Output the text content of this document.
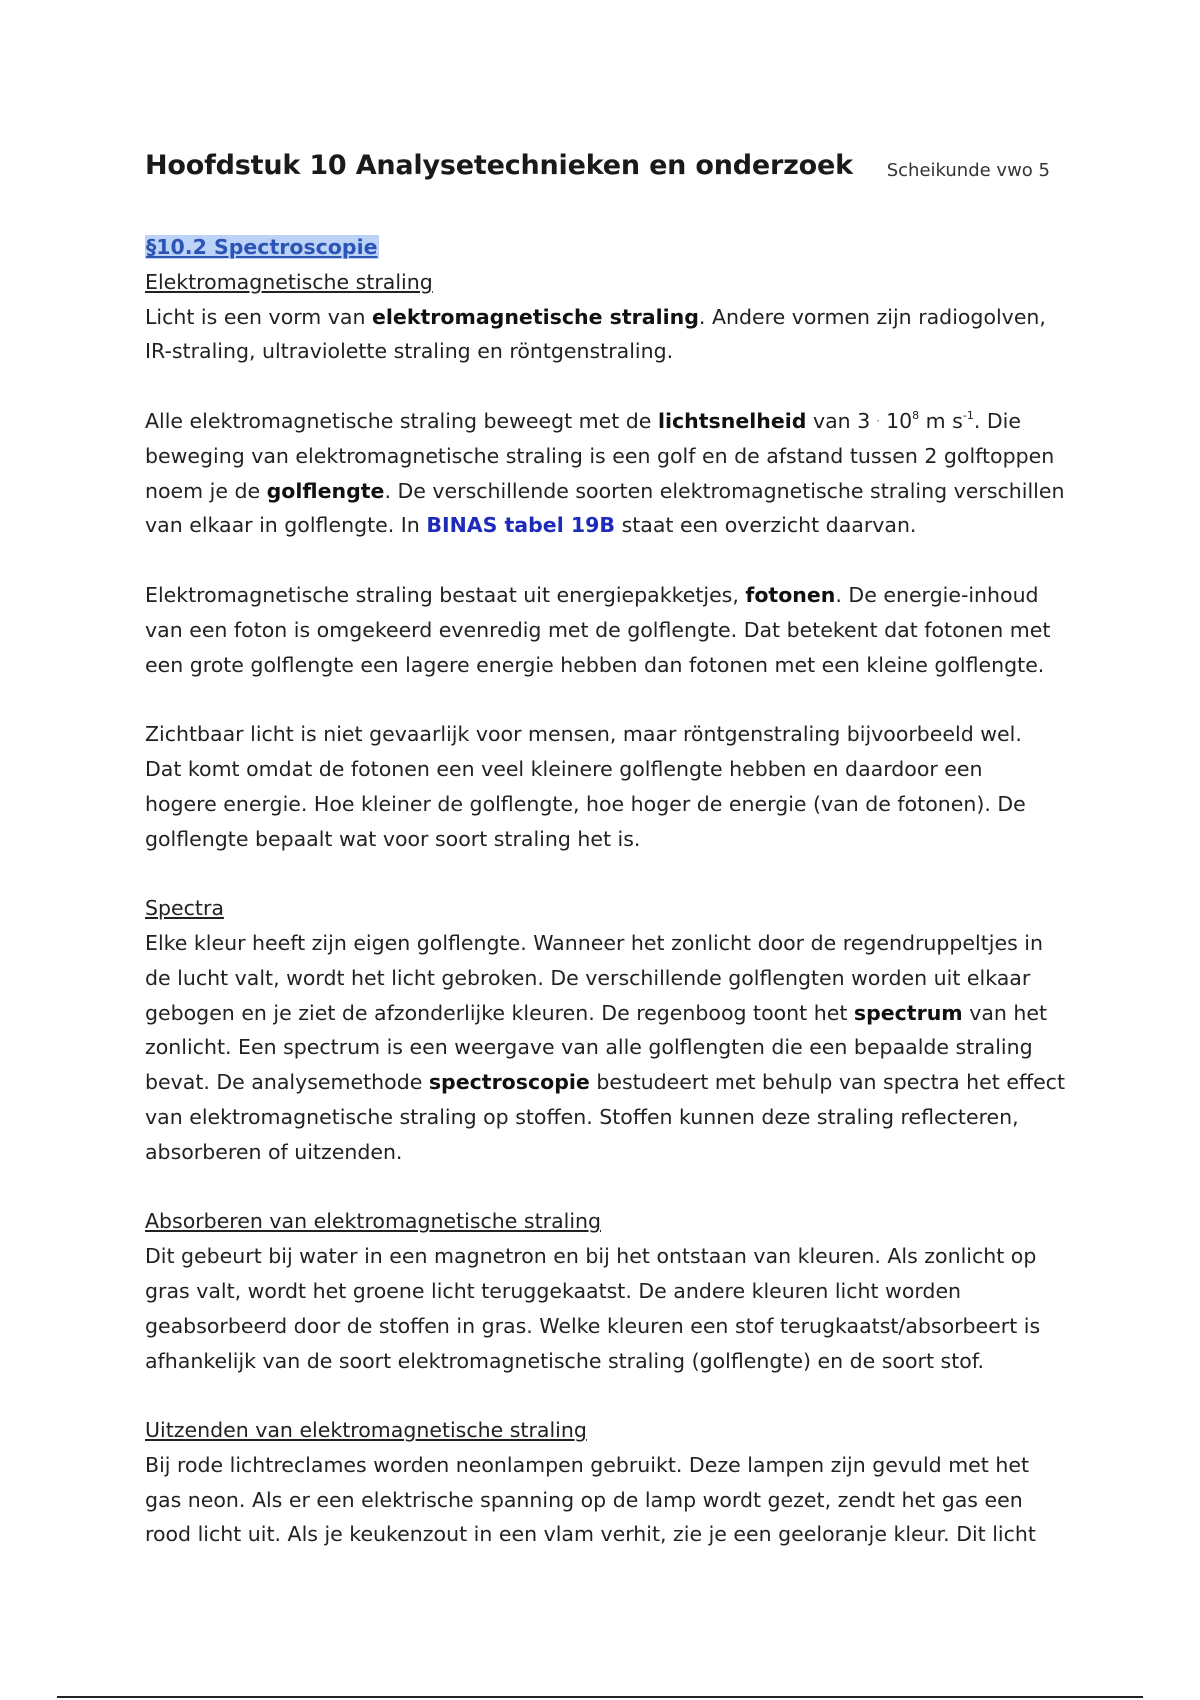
Hoofdstuk 10 Analysetechnieken en onderzoek Scheikunde vwo 5
§10.2 Spectroscopie
Elektromagnetische straling
Licht is een vorm van elektromagnetische straling. Andere vormen zijn radiogolven,
IR-straling, ultraviolette straling en röntgenstraling.
Alle elektromagnetische straling beweegt met de lichtsnelheid van $3 \cdot 10^8$ m $s^{-1}$. Die
beweging van elektromagnetische straling is een golf en de afstand tussen 2 golftoppen
noem je de golflengte. De verschillende soorten elektromagnetische straling verschillen
van elkaar in golflengte. In BINAS tabel 19B staat een overzicht daarvan.
Elektromagnetische straling bestaat uit energiepakketjes, fotonen. De energie-inhoud
van een foton is omgekeerd evenredig met de golflengte. Dat betekent dat fotonen met
een grote golflengte een lagere energie hebben dan fotonen met een kleine golflengte.
Zichtbaar licht is niet gevaarlijk voor mensen, maar röntgenstraling bijvoorbeeld wel.
Dat komt omdat de fotonen een veel kleinere golflengte hebben en daardoor een
hogere energie. Hoe kleiner de golflengte, hoe hoger de energie (van de fotonen). De
golflengte bepaalt wat voor soort straling het is.
Spectra
Elke kleur heeft zijn eigen golflengte. Wanneer het zonlicht door de regendruppeltjes in
de lucht valt, wordt het licht gebroken. De verschillende golflengten worden uit elkaar
gebogen en je ziet de afzonderlijke kleuren. De regenboog toont het spectrum van het
zonlicht. Een spectrum is een weergave van alle golflengten die een bepaalde straling
bevat. De analysemethode spectroscopie bestudeert met behulp van spectra het effect
van elektromagnetische straling op stoffen. Stoffen kunnen deze straling reflecteren,
absorberen of uitzenden.
Absorberen van elektromagnetische straling
Dit gebeurt bij water in een magnetron en bij het ontstaan van kleuren. Als zonlicht op
gras valt, wordt het groene licht teruggekaatst. De andere kleuren licht worden
geabsorbeerd door de stoffen in gras. Welke kleuren een stof terugkaatst/absorbeert is
afhankelijk van de soort elektromagnetische straling (golflengte) en de soort stof.
Uitzenden van elektromagnetische straling
Bij rode lichtreclames worden neonlampen gebruikt. Deze lampen zijn gevuld met het
gas neon. Als er een elektrische spanning op de lamp wordt gezet, zendt het gas een
rood licht uit. Als je keukenzout in een vlam verhit, zie je een geeloranje kleur. Dit licht
